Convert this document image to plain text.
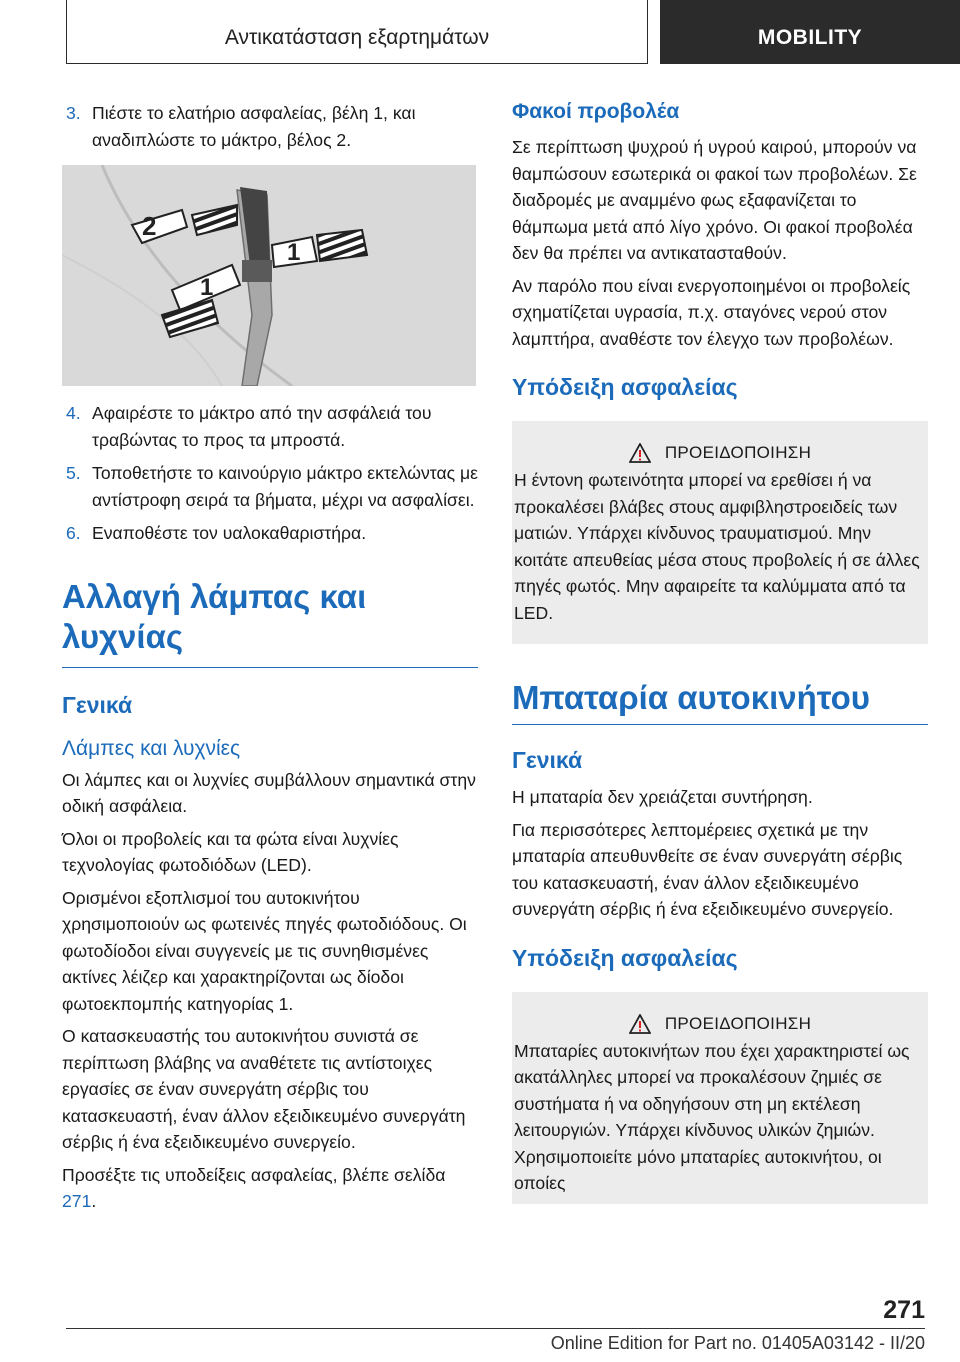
Αντικατάσταση εξαρτημάτων	MOBILITY
3. Πιέστε το ελατήριο ασφαλείας, βέλη 1, και αναδιπλώστε το μάκτρο, βέλος 2.
2
1
1
4. Αφαιρέστε το μάκτρο από την ασφάλειά του τραβώντας το προς τα μπροστά.
5. Τοποθετήστε το καινούργιο μάκτρο εκτελώντας με αντίστροφη σειρά τα βήματα, μέχρι να ασφαλίσει.
6. Εναποθέστε τον υαλοκαθαριστήρα.
Αλλαγή λάμπας και λυχνίας
Γενικά
Λάμπες και λυχνίες

Οι λάμπες και οι λυχνίες συμβάλλουν σημαντικά στην οδική ασφάλεια.

Όλοι οι προβολείς και τα φώτα είναι λυχνίες τεχνολογίας φωτοδιόδων (LED).

Ορισμένοι εξοπλισμοί του αυτοκινήτου χρησιμοποιούν ως φωτεινές πηγές φωτοδιόδους. Οι φωτοδίοδοι είναι συγγενείς με τις συνηθισμένες ακτίνες λέιζερ και χαρακτηρίζονται ως δίοδοι φωτοεκπομπής κατηγορίας 1.

Ο κατασκευαστής του αυτοκινήτου συνιστά σε περίπτωση βλάβης να αναθέτετε τις αντίστοιχες εργασίες σε έναν συνεργάτη σέρβις του κατασκευαστή, έναν άλλον εξειδικευμένο συνεργάτη σέρβις ή ένα εξειδικευμένο συνεργείο.

Προσέξτε τις υποδείξεις ασφαλείας, βλέπε σελίδα 271.

Φακοί προβολέα

Σε περίπτωση ψυχρού ή υγρού καιρού, μπορούν να θαμπώσουν εσωτερικά οι φακοί των προβολέων. Σε διαδρομές με αναμμένο φως εξαφανίζεται το θάμπωμα μετά από λίγο χρόνο. Οι φακοί προβολέα δεν θα πρέπει να αντικατασταθούν.

Αν παρόλο που είναι ενεργοποιημένοι οι προβολείς σχηματίζεται υγρασία, π.χ. σταγόνες νερού στον λαμπτήρα, αναθέστε τον έλεγχο των προβολέων.

Υπόδειξη ασφαλείας
ΠΡΟΕΙΔΟΠΟΙΗΣΗ

Η έντονη φωτεινότητα μπορεί να ερεθίσει ή να προκαλέσει βλάβες στους αμφιβληστροειδείς των ματιών. Υπάρχει κίνδυνος τραυματισμού. Μην κοιτάτε απευθείας μέσα στους προβολείς ή σε άλλες πηγές φωτός. Μην αφαιρείτε τα καλύμματα από τα LED.

Μπαταρία αυτοκινήτου
Γενικά

Η μπαταρία δεν χρειάζεται συντήρηση.

Για περισσότερες λεπτομέρειες σχετικά με την μπαταρία απευθυνθείτε σε έναν συνεργάτη σέρβις του κατασκευαστή, έναν άλλον εξειδικευμένο συνεργάτη σέρβις ή ένα εξειδικευμένο συνεργείο.

Υπόδειξη ασφαλείας
ΠΡΟΕΙΔΟΠΟΙΗΣΗ

Μπαταρίες αυτοκινήτων που έχει χαρακτηριστεί ως ακατάλληλες μπορεί να προκαλέσουν ζημιές σε συστήματα ή να οδηγήσουν στη μη εκτέλεση λειτουργιών. Υπάρχει κίνδυνος υλικών ζημιών. Χρησιμοποιείτε μόνο μπαταρίες αυτοκινήτου, οι οποίες

271
Online Edition for Part no. 01405A03142 - II/20
